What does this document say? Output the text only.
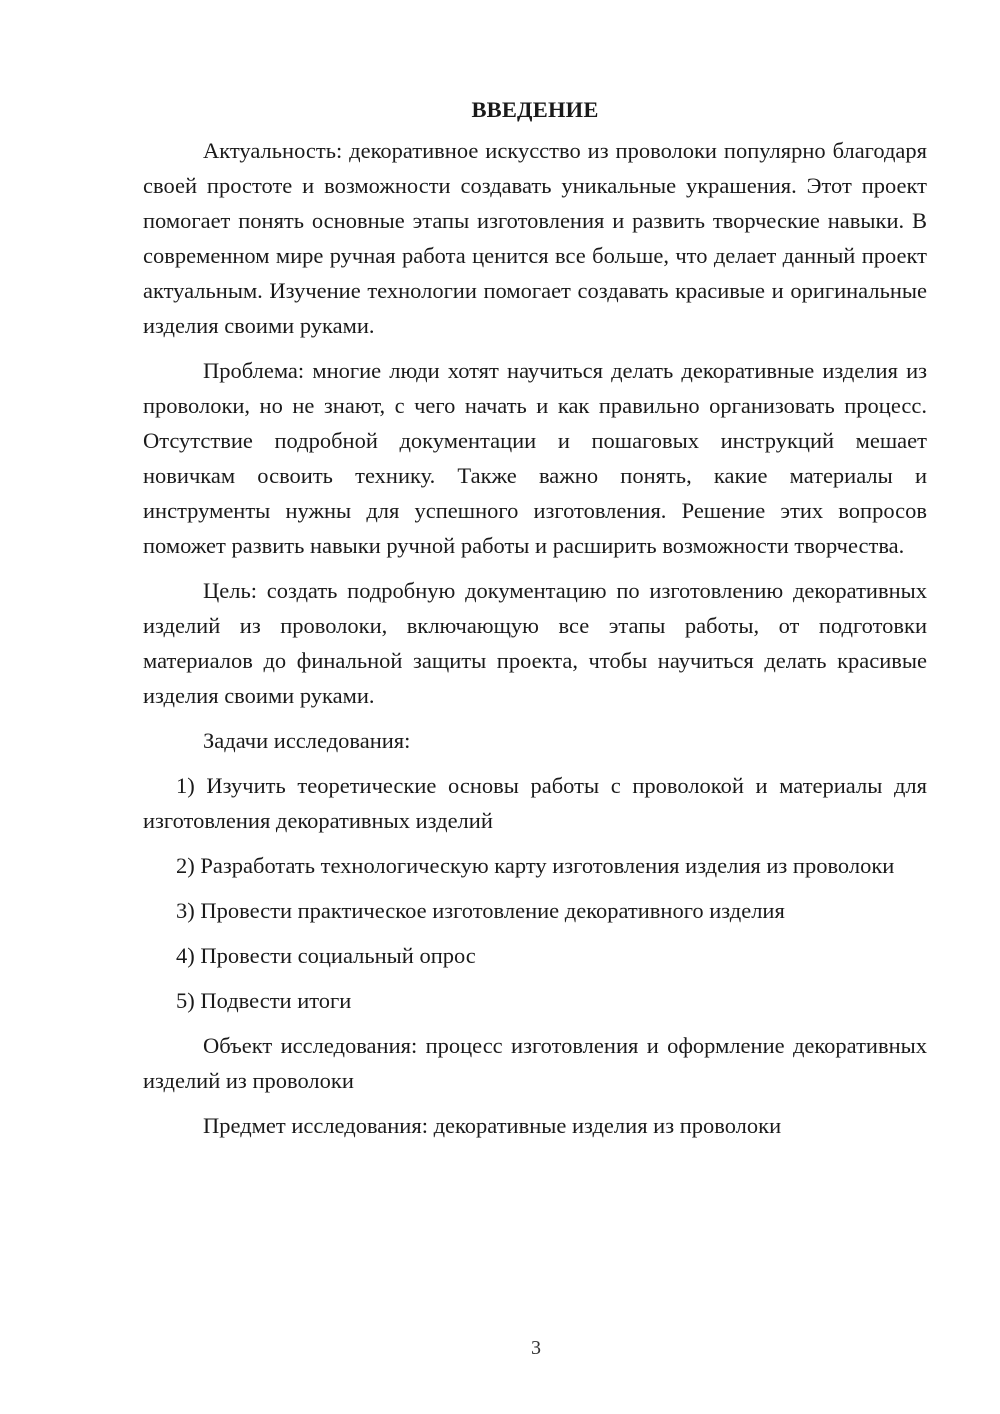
ВВЕДЕНИЕ

Актуальность: декоративное искусство из проволоки популярно благодаря своей простоте и возможности создавать уникальные украшения. Этот проект помогает понять основные этапы изготовления и развить творческие навыки. В современном мире ручная работа ценится все больше, что делает данный проект актуальным. Изучение технологии помогает создавать красивые и оригинальные изделия своими руками.

Проблема: многие люди хотят научиться делать декоративные изделия из проволоки, но не знают, с чего начать и как правильно организовать процесс. Отсутствие подробной документации и пошаговых инструкций мешает новичкам освоить технику. Также важно понять, какие материалы и инструменты нужны для успешного изготовления. Решение этих вопросов поможет развить навыки ручной работы и расширить возможности творчества.

Цель: создать подробную документацию по изготовлению декоративных изделий из проволоки, включающую все этапы работы, от подготовки материалов до финальной защиты проекта, чтобы научиться делать красивые изделия своими руками.

Задачи исследования:

1) Изучить теоретические основы работы с проволокой и материалы для изготовления декоративных изделий

2) Разработать технологическую карту изготовления изделия из проволоки

3) Провести практическое изготовление декоративного изделия

4) Провести социальный опрос

5) Подвести итоги

Объект исследования: процесс изготовления и оформление декоративных изделий из проволоки

Предмет исследования: декоративные изделия из проволоки

3
